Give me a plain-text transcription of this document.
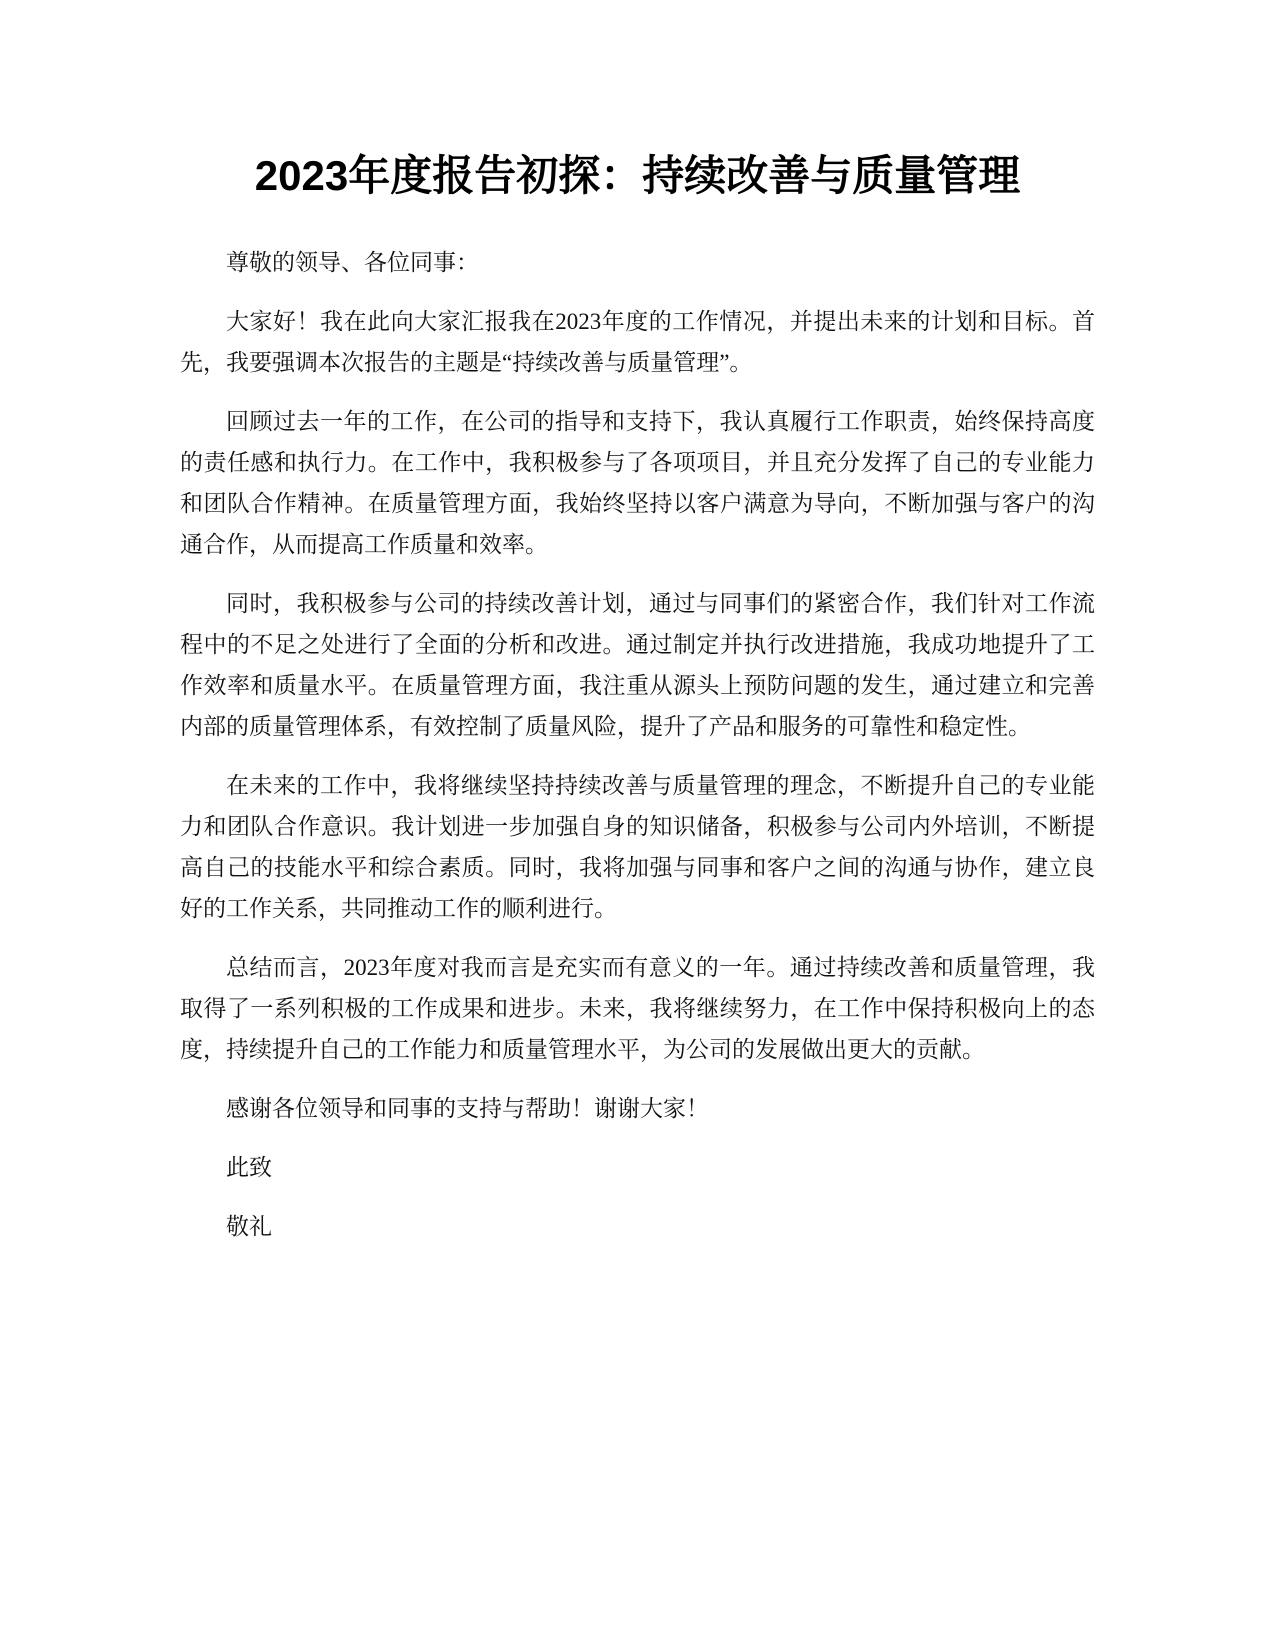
2023年度报告初探：持续改善与质量管理

尊敬的领导、各位同事：

大家好！我在此向大家汇报我在2023年度的工作情况，并提出未来的计划和目标。首先，我要强调本次报告的主题是“持续改善与质量管理”。

回顾过去一年的工作，在公司的指导和支持下，我认真履行工作职责，始终保持高度的责任感和执行力。在工作中，我积极参与了各项项目，并且充分发挥了自己的专业能力和团队合作精神。在质量管理方面，我始终坚持以客户满意为导向，不断加强与客户的沟通合作，从而提高工作质量和效率。

同时，我积极参与公司的持续改善计划，通过与同事们的紧密合作，我们针对工作流程中的不足之处进行了全面的分析和改进。通过制定并执行改进措施，我成功地提升了工作效率和质量水平。在质量管理方面，我注重从源头上预防问题的发生，通过建立和完善内部的质量管理体系，有效控制了质量风险，提升了产品和服务的可靠性和稳定性。

在未来的工作中，我将继续坚持持续改善与质量管理的理念，不断提升自己的专业能力和团队合作意识。我计划进一步加强自身的知识储备，积极参与公司内外培训，不断提高自己的技能水平和综合素质。同时，我将加强与同事和客户之间的沟通与协作，建立良好的工作关系，共同推动工作的顺利进行。

总结而言，2023年度对我而言是充实而有意义的一年。通过持续改善和质量管理，我取得了一系列积极的工作成果和进步。未来，我将继续努力，在工作中保持积极向上的态度，持续提升自己的工作能力和质量管理水平，为公司的发展做出更大的贡献。

感谢各位领导和同事的支持与帮助！谢谢大家！

此致

敬礼
